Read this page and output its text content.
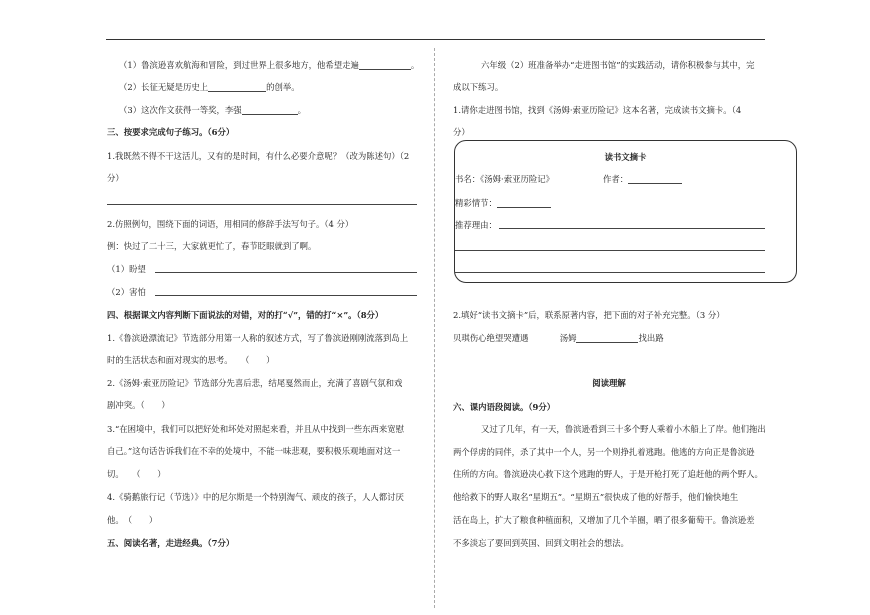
（1）鲁滨逊喜欢航海和冒险，到过世界上很多地方，他希望走遍	。
（2）长征无疑是历史上	的创举。
（3）这次作文获得一等奖，李强	。
三、按要求完成句子练习。（6分）
1.我既然不得不干这活儿，又有的是时间，有什么必要介意呢？（改为陈述句）（2
分）
2.仿照例句，围绕下面的词语，用相同的修辞手法写句子。（4 分）
例：快过了二十三，大家就更忙了，春节眨眼就到了啊。
（1）盼望
（2）害怕
四、根据课文内容判断下面说法的对错，对的打“√”，错的打“×”。（8分）
1.《鲁滨逊漂流记》节选部分用第一人称的叙述方式，写了鲁滨逊刚刚流落到岛上
时的生活状态和面对现实的思考。　　（　　）
2.《汤姆·索亚历险记》节选部分先喜后悲，结尾戛然而止，充满了喜剧气氛和戏
剧冲突。（　　）
3.“在困境中，我们可以把好处和坏处对照起来看，并且从中找到一些东西来宽慰
自己。”这句话告诉我们在不幸的处境中，不能一味悲观，要积极乐观地面对这一
切。　　（　　）
4.《骑鹅旅行记（节选）》中的尼尔斯是一个特别淘气、顽皮的孩子，人人都讨厌
他。　（　　）
五、阅读名著，走进经典。（7分）
六年级（2）班准备举办“走进图书馆”的实践活动，请你积极参与其中，完
成以下练习。
1.请你走进图书馆，找到《汤姆·索亚历险记》这本名著，完成读书文摘卡。（4
分）
读书文摘卡
书名：《汤姆·索亚历险记》	作者：
精彩情节：
推荐理由：
2.填好“读书文摘卡”后，联系原著内容，把下面的对子补充完整。（3 分）
贝琪伤心绝望哭遭遇	汤姆	找出路
阅读理解
六、课内语段阅读。（9分）
又过了几年，有一天，鲁滨逊看到三十多个野人乘着小木船上了岸。他们拖出
两个俘虏的同伴，杀了其中一个人，另一个则挣扎着逃跑。他逃的方向正是鲁滨逊
住所的方向。鲁滨逊决心救下这个逃跑的野人，于是开枪打死了追赶他的两个野人。
他给救下的野人取名“星期五”。“星期五”很快成了他的好帮手，他们愉快地生
活在岛上，扩大了粮食种植面积，又增加了几个羊圈，晒了很多葡萄干。鲁滨逊差
不多淡忘了要回到英国、回到文明社会的想法。
